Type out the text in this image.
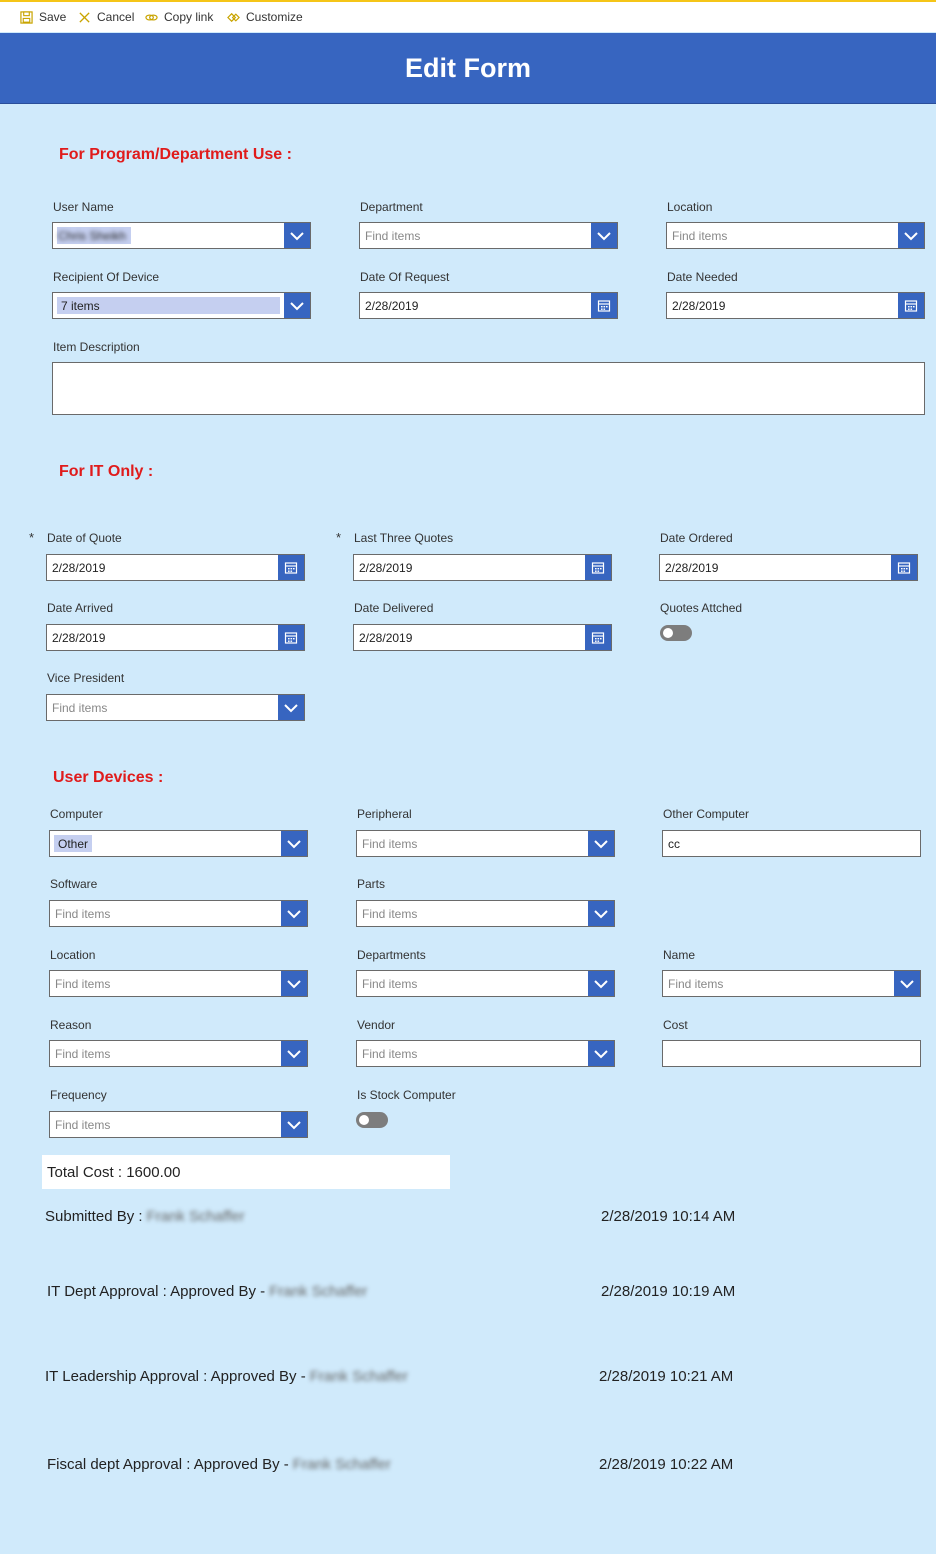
Save	Cancel Copy link	Customize
Edit Form
For Program/Department Use :
User Name
Chris Sheikh
Department
Find items
Location
Find items
Recipient Of Device
7 items
Date Of Request
2/28/2019
Date Needed
2/28/2019
Item Description
For IT Only :
* Date of Quote
2/28/2019
* Last Three Quotes
2/28/2019
Date Ordered
2/28/2019
Date Arrived
2/28/2019
Date Delivered
2/28/2019
Quotes Attched
Vice President
Find items
User Devices :
Computer
Other
Peripheral
Find items
Other Computer
cc
Software
Find items
Parts
Find items
Location
Find items
Departments
Find items
Name
Find items
Reason
Find items
Vendor
Find items
Cost
Frequency
Find items
Is Stock Computer
Total Cost : 1600.00
Submitted By : Frank Schaffer	2/28/2019 10:14 AM
IT Dept Approval : Approved By - Frank Schaffer	2/28/2019 10:19 AM
IT Leadership Approval : Approved By - Frank Schaffer	2/28/2019 10:21 AM
Fiscal dept Approval : Approved By - Frank Schaffer	2/28/2019 10:22 AM
